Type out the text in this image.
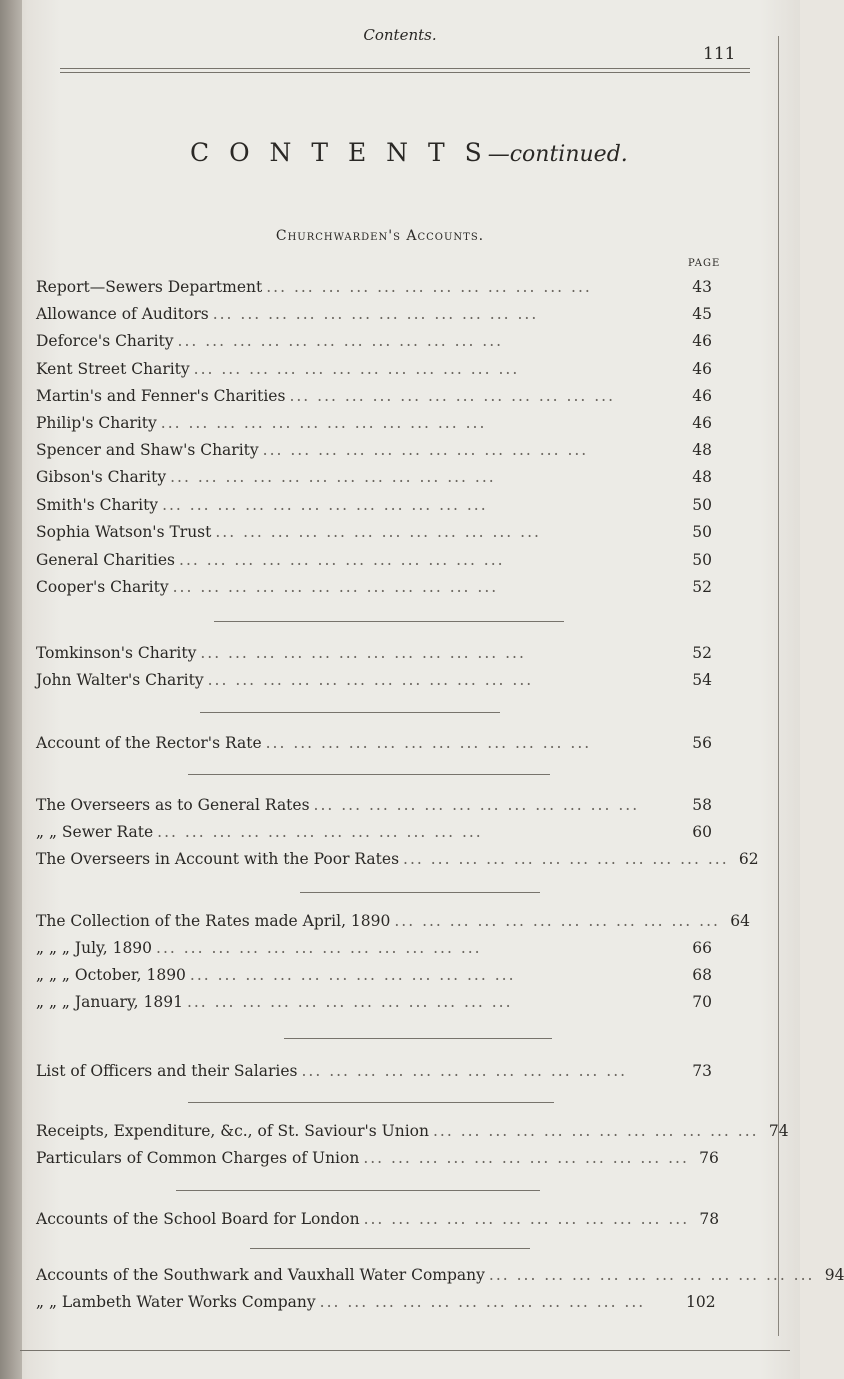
Contents.
111
C O N T E N T S—continued.
Churchwarden's Accounts.
PAGE
Report—Sewers Department ... ... ... ... ... ... ... ... ... ... ... ...	43
Allowance of Auditors ... ... ... ... ... ... ... ... ... ... ... ...	45
Deforce's Charity ... ... ... ... ... ... ... ... ... ... ... ...	46
Kent Street Charity ... ... ... ... ... ... ... ... ... ... ... ...	46
Martin's and Fenner's Charities ... ... ... ... ... ... ... ... ... ... ... ...	46
Philip's Charity ... ... ... ... ... ... ... ... ... ... ... ...	46
Spencer and Shaw's Charity ... ... ... ... ... ... ... ... ... ... ... ...	48
Gibson's Charity ... ... ... ... ... ... ... ... ... ... ... ...	48
Smith's Charity ... ... ... ... ... ... ... ... ... ... ... ...	50
Sophia Watson's Trust ... ... ... ... ... ... ... ... ... ... ... ...	50
General Charities ... ... ... ... ... ... ... ... ... ... ... ...	50
Cooper's Charity ... ... ... ... ... ... ... ... ... ... ... ...	52
Tomkinson's Charity ... ... ... ... ... ... ... ... ... ... ... ...	52
John Walter's Charity ... ... ... ... ... ... ... ... ... ... ... ...	54
Account of the Rector's Rate ... ... ... ... ... ... ... ... ... ... ... ...	56
The Overseers as to General Rates ... ... ... ... ... ... ... ... ... ... ... ...	58
„ „ Sewer Rate ... ... ... ... ... ... ... ... ... ... ... ...	60
The Overseers in Account with the Poor Rates ... ... ... ... ... ... ... ... ... ... ... ... 62
The Collection of the Rates made April, 1890 ... ... ... ... ... ... ... ... ... ... ... ... 64
„ „ „ July, 1890 ... ... ... ... ... ... ... ... ... ... ... ...	66
„ „ „ October, 1890 ... ... ... ... ... ... ... ... ... ... ... ...	68
„ „ „ January, 1891 ... ... ... ... ... ... ... ... ... ... ... ...	70
List of Officers and their Salaries ... ... ... ... ... ... ... ... ... ... ... ...	73
Receipts, Expenditure, &c., of St. Saviour's Union ... ... ... ... ... ... ... ... ... ... ... ... 74
Particulars of Common Charges of Union ... ... ... ... ... ... ... ... ... ... ... ... 76
Accounts of the School Board for London ... ... ... ... ... ... ... ... ... ... ... ... 78
Accounts of the Southwark and Vauxhall Water Company ... ... ... ... ... ... ... ... ... ... ... ... 94
„ „ Lambeth Water Works Company ... ... ... ... ... ... ... ... ... ... ... ...	102
